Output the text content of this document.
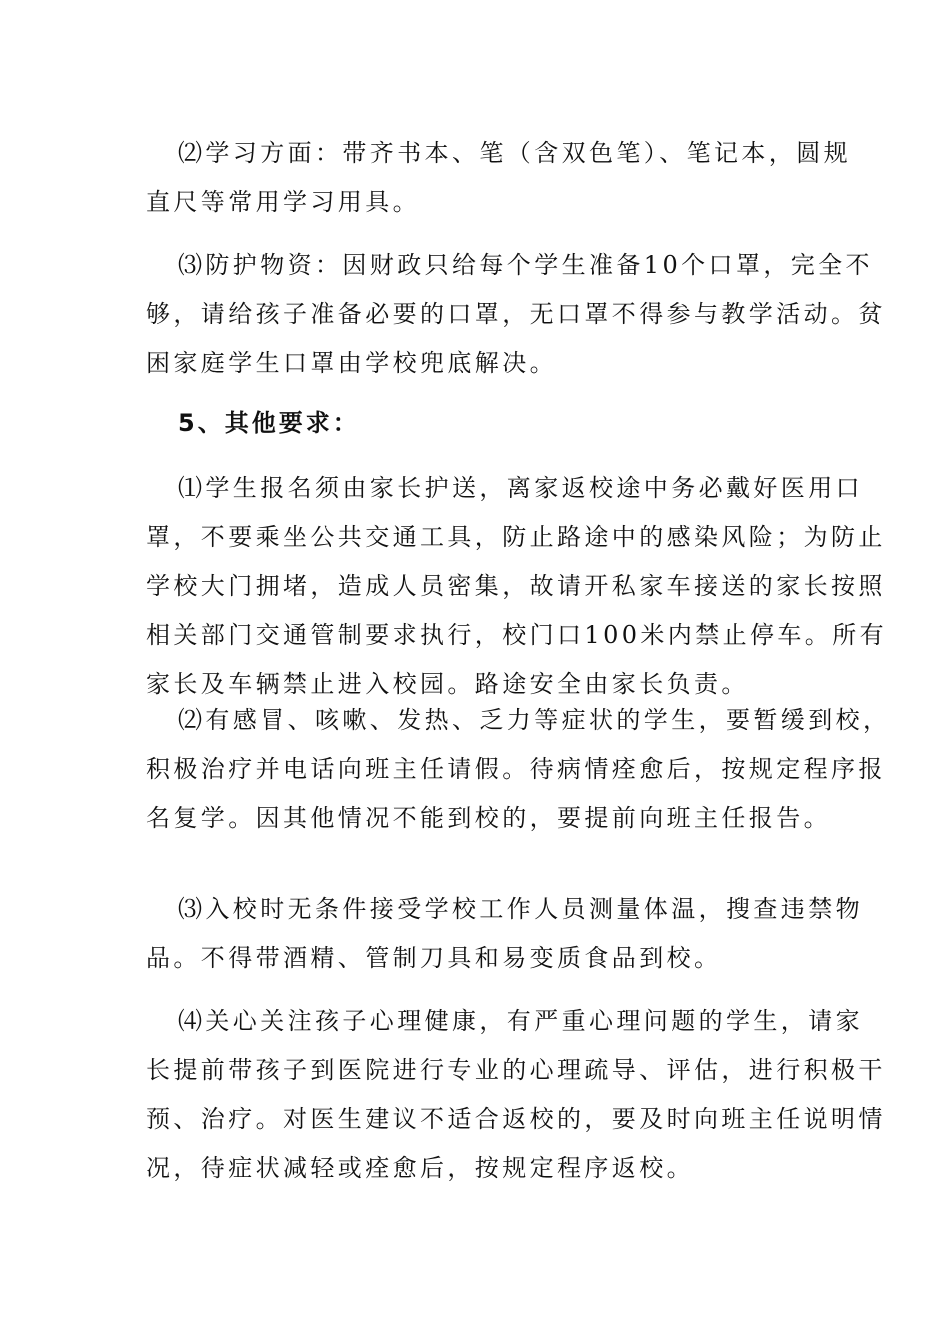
⑵学习方面：带齐书本、笔（含双色笔）、笔记本，圆规
直尺等常用学习用具。

⑶防护物资：因财政只给每个学生准备10个口罩，完全不
够，请给孩子准备必要的口罩，无口罩不得参与教学活动。贫
困家庭学生口罩由学校兜底解决。

5、其他要求：

⑴学生报名须由家长护送，离家返校途中务必戴好医用口
罩，不要乘坐公共交通工具，防止路途中的感染风险；为防止
学校大门拥堵，造成人员密集，故请开私家车接送的家长按照
相关部门交通管制要求执行，校门口100米内禁止停车。所有
家长及车辆禁止进入校园。路途安全由家长负责。

⑵有感冒、咳嗽、发热、乏力等症状的学生，要暂缓到校，
积极治疗并电话向班主任请假。待病情痊愈后，按规定程序报
名复学。因其他情况不能到校的，要提前向班主任报告。

⑶入校时无条件接受学校工作人员测量体温，搜查违禁物
品。不得带酒精、管制刀具和易变质食品到校。

⑷关心关注孩子心理健康，有严重心理问题的学生，请家
长提前带孩子到医院进行专业的心理疏导、评估，进行积极干
预、治疗。对医生建议不适合返校的，要及时向班主任说明情
况，待症状减轻或痊愈后，按规定程序返校。
